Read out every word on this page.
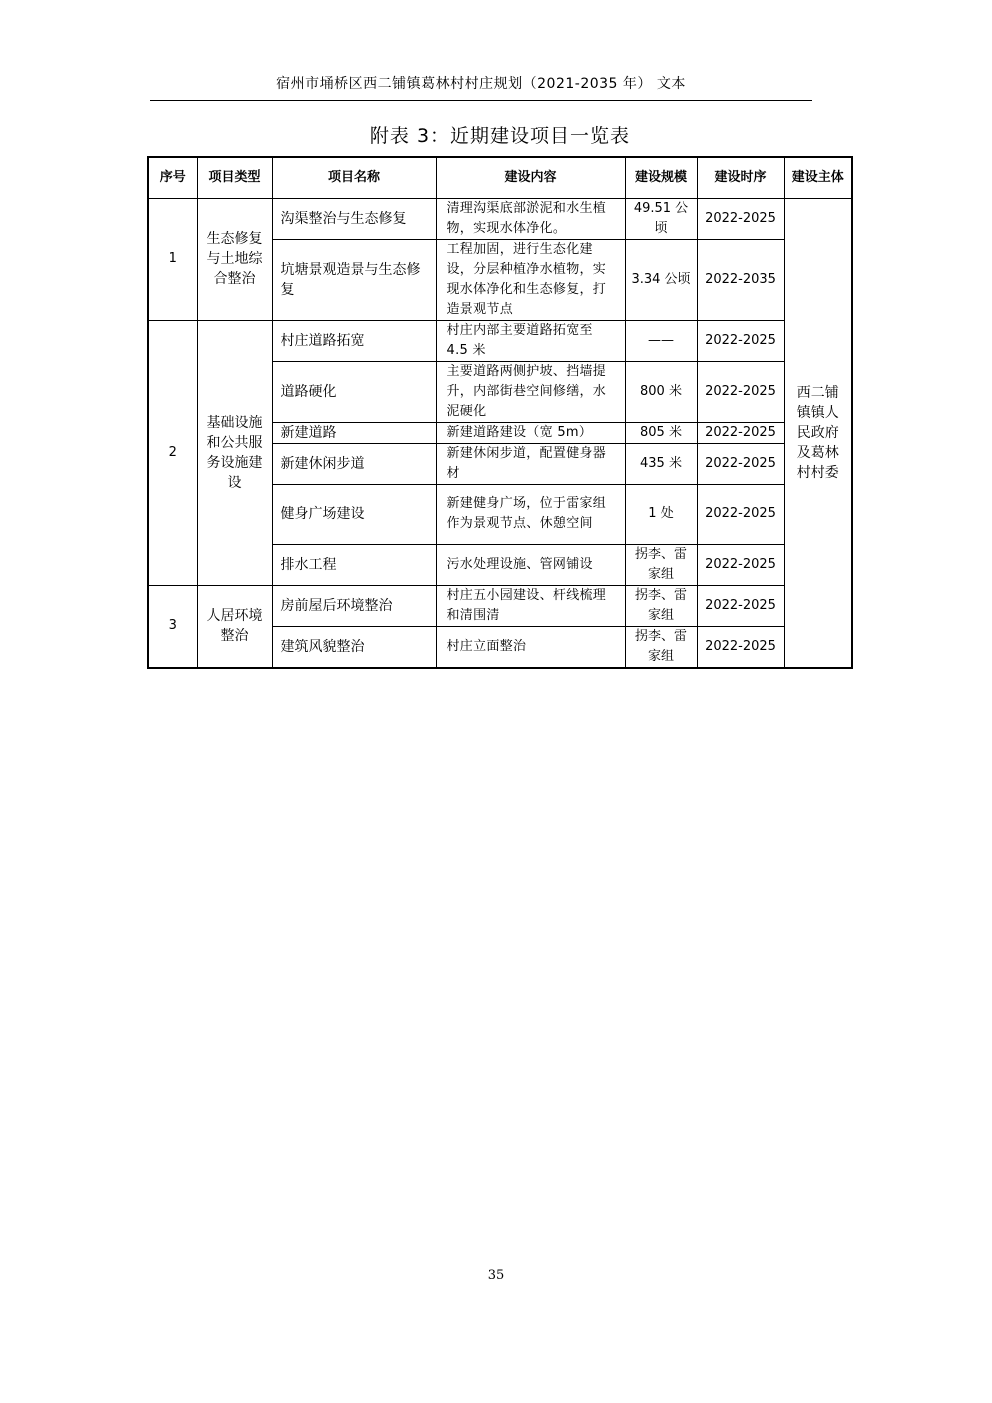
宿州市埇桥区西二铺镇葛林村村庄规划（2021-2035 年） 文本
附表 3：近期建设项目一览表
序号	项目类型	项目名称	建设内容	建设规模	建设时序	建设主体
1	生态修复与土地综合整治	沟渠整治与生态修复	清理沟渠底部淤泥和水生植物，实现水体净化。	49.51 公顷	2022-2025	西二铺镇镇人民政府及葛林村村委
		坑塘景观造景与生态修复	工程加固，进行生态化建设，分层种植净水植物，实现水体净化和生态修复，打造景观节点	3.34 公顷	2022-2035	
2	基础设施和公共服务设施建设	村庄道路拓宽	村庄内部主要道路拓宽至 4.5 米	——	2022-2025	
		道路硬化	主要道路两侧护坡、挡墙提升，内部街巷空间修缮，水泥硬化	800 米	2022-2025	
		新建道路	新建道路建设（宽 5m）	805 米	2022-2025	
		新建休闲步道	新建休闲步道，配置健身器材	435 米	2022-2025	
		健身广场建设	新建健身广场，位于雷家组作为景观节点、休憩空间	1 处	2022-2025	
		排水工程	污水处理设施、管网铺设	拐李、雷家组	2022-2025	
3	人居环境整治	房前屋后环境整治	村庄五小园建设、杆线梳理和清围清	拐李、雷家组	2022-2025	
		建筑风貌整治	村庄立面整治	拐李、雷家组	2022-2025	
35
